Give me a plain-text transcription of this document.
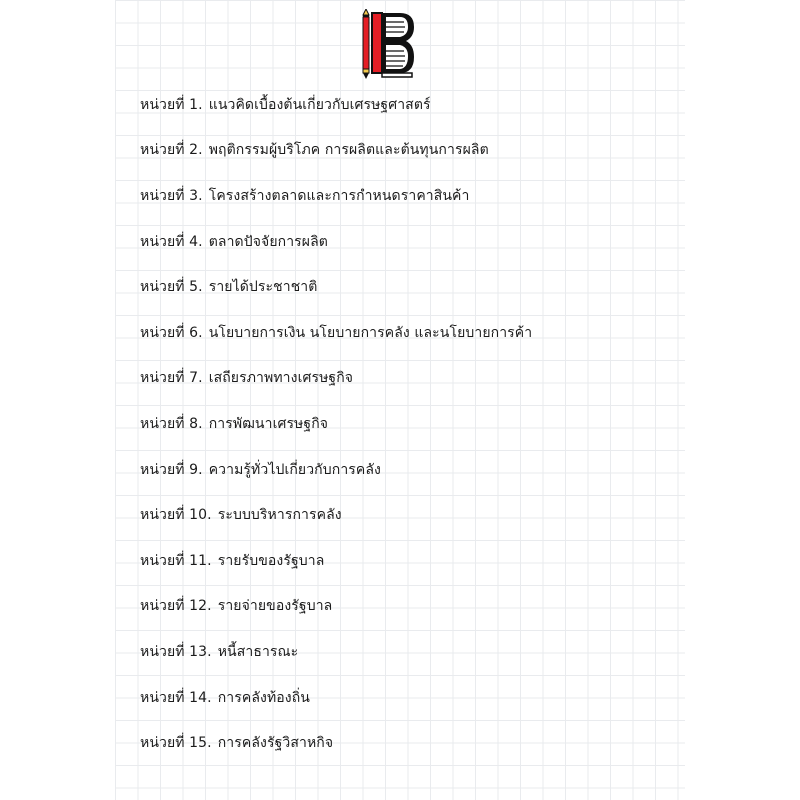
หน่วยที่ 1. แนวคิดเบื้องต้นเกี่ยวกับเศรษฐศาสตร์
หน่วยที่ 2. พฤติกรรมผู้บริโภค การผลิตและต้นทุนการผลิต
หน่วยที่ 3. โครงสร้างตลาดและการกำหนดราคาสินค้า
หน่วยที่ 4. ตลาดปัจจัยการผลิต
หน่วยที่ 5. รายได้ประชาชาติ
หน่วยที่ 6. นโยบายการเงิน นโยบายการคลัง และนโยบายการค้า
หน่วยที่ 7. เสถียรภาพทางเศรษฐกิจ
หน่วยที่ 8. การพัฒนาเศรษฐกิจ
หน่วยที่ 9. ความรู้ทั่วไปเกี่ยวกับการคลัง
หน่วยที่ 10. ระบบบริหารการคลัง
หน่วยที่ 11. รายรับของรัฐบาล
หน่วยที่ 12. รายจ่ายของรัฐบาล
หน่วยที่ 13. หนี้สาธารณะ
หน่วยที่ 14. การคลังท้องถิ่น
หน่วยที่ 15. การคลังรัฐวิสาหกิจ
